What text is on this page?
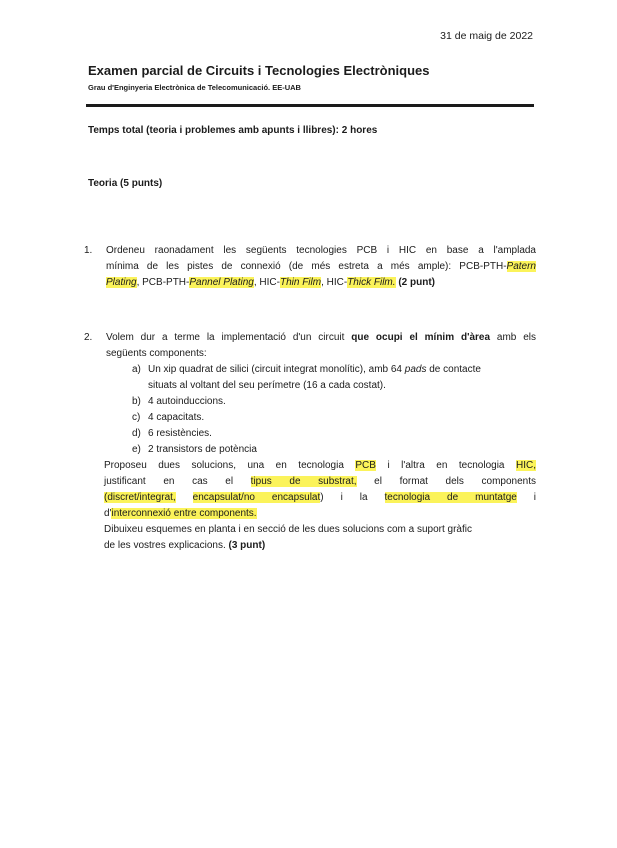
31 de maig de 2022
Examen parcial de Circuits i Tecnologies Electròniques
Grau d'Enginyeria Electrònica de Telecomunicació. EE-UAB
Temps total (teoria i problemes amb apunts i llibres): 2 hores
Teoria (5 punts)
1. Ordeneu raonadament les següents tecnologies PCB i HIC en base a l'amplada
mínima de les pistes de connexió (de més estreta a més ample): PCB-PTH-Patern
Plating, PCB-PTH-Pannel Plating, HIC-Thin Film, HIC-Thick Film. (2 punt)
2. Volem dur a terme la implementació d'un circuit que ocupi el mínim d'àrea amb els
següents components:
a) Un xip quadrat de silici (circuit integrat monolític), amb 64 pads de contacte
situats al voltant del seu perímetre (16 a cada costat).
b) 4 autoinduccions.
c) 4 capacitats.
d) 6 resistències.
e) 2 transistors de potència
Proposeu dues solucions, una en tecnologia PCB i l'altra en tecnologia HIC,
justificant en cas el tipus de substrat, el format dels components
(discret/integrat, encapsulat/no encapsulat) i la tecnologia de muntatge i
d'interconnexió entre components.
Dibuixeu esquemes en planta i en secció de les dues solucions com a suport gràfic
de les vostres explicacions. (3 punt)
